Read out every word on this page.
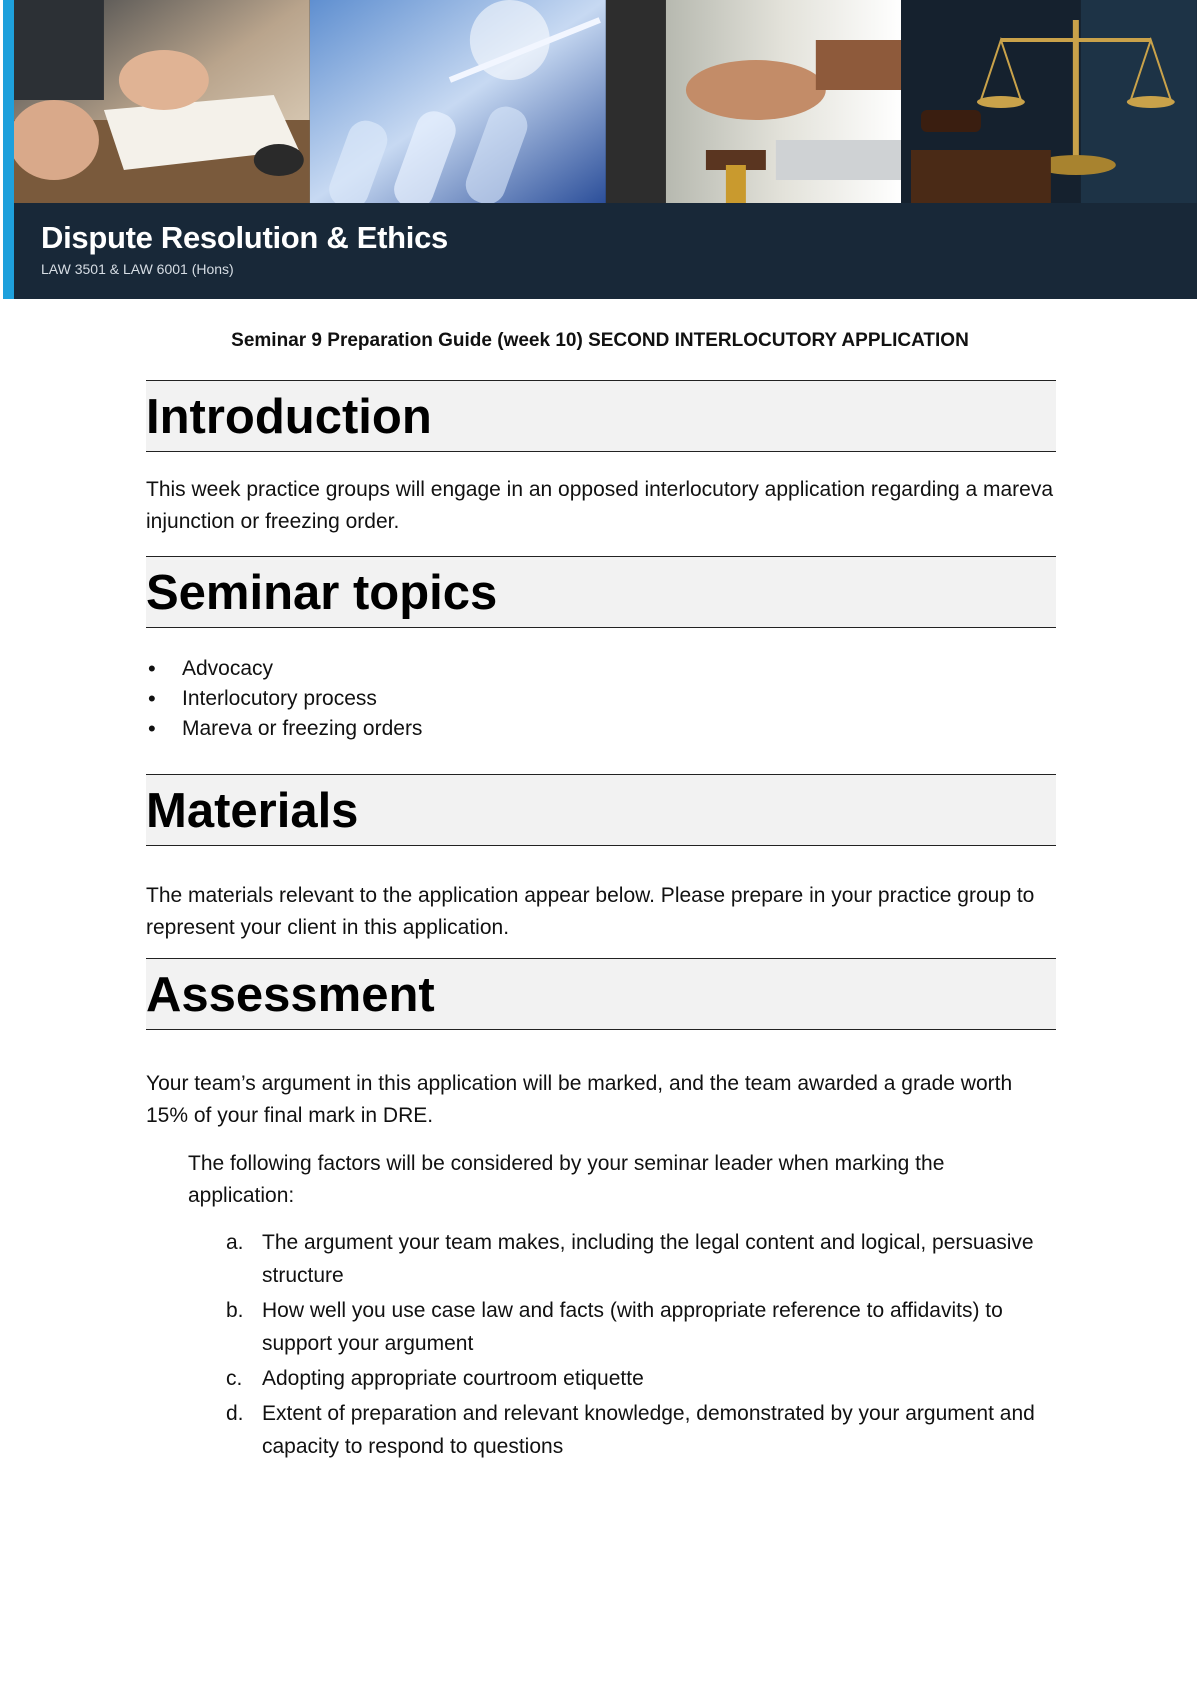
Dispute Resolution & Ethics
LAW 3501 & LAW 6001 (Hons)
Seminar 9 Preparation Guide (week 10) SECOND INTERLOCUTORY APPLICATION
Introduction

This week practice groups will engage in an opposed interlocutory application regarding a mareva injunction or freezing order.

Seminar topics
• Advocacy
• Interlocutory process
• Mareva or freezing orders
Materials

The materials relevant to the application appear below. Please prepare in your practice group to represent your client in this application.

Assessment

Your team’s argument in this application will be marked, and the team awarded a grade worth 15% of your final mark in DRE.

The following factors will be considered by your seminar leader when marking the application:

a. The argument your team makes, including the legal content and logical, persuasive structure
b. How well you use case law and facts (with appropriate reference to affidavits) to support your argument
c. Adopting appropriate courtroom etiquette
d. Extent of preparation and relevant knowledge, demonstrated by your argument and capacity to respond to questions
